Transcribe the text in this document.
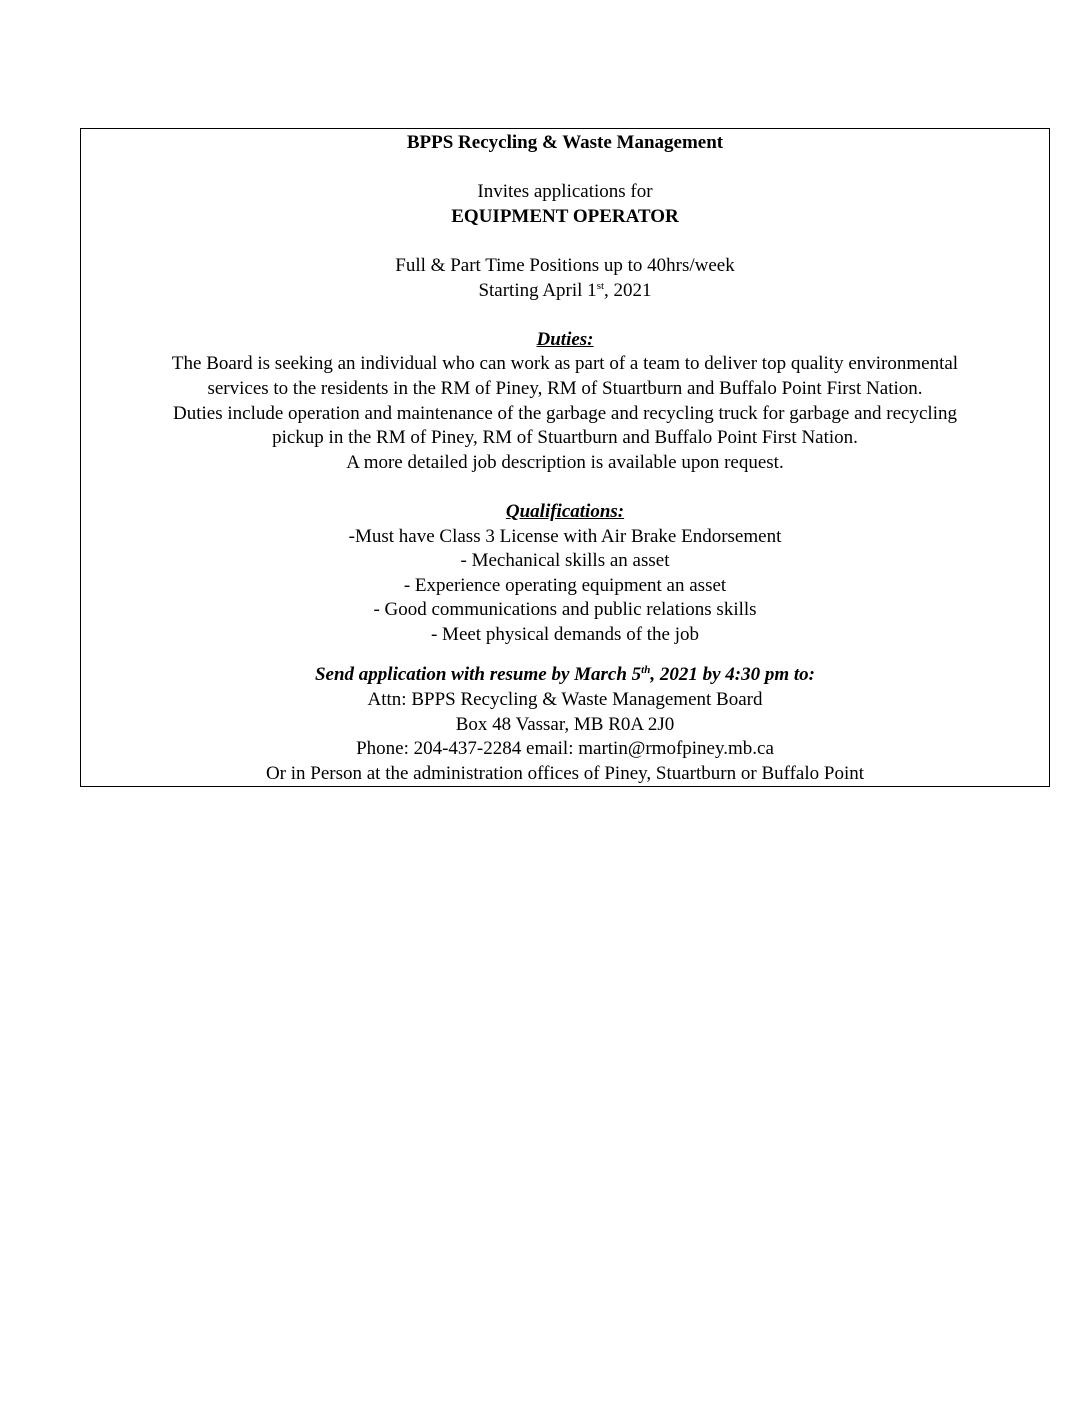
BPPS Recycling & Waste Management
Invites applications for
EQUIPMENT OPERATOR
Full & Part Time Positions up to 40hrs/week
Starting April 1st, 2021
Duties:
The Board is seeking an individual who can work as part of a team to deliver top quality environmental
services to the residents in the RM of Piney, RM of Stuartburn and Buffalo Point First Nation.
Duties include operation and maintenance of the garbage and recycling truck for garbage and recycling
pickup in the RM of Piney, RM of Stuartburn and Buffalo Point First Nation.
A more detailed job description is available upon request.
Qualifications:
-Must have Class 3 License with Air Brake Endorsement
- Mechanical skills an asset
- Experience operating equipment an asset
- Good communications and public relations skills
- Meet physical demands of the job
Send application with resume by March 5th, 2021 by 4:30 pm to:
Attn: BPPS Recycling & Waste Management Board
Box 48 Vassar, MB R0A 2J0
Phone: 204-437-2284 email: martin@rmofpiney.mb.ca
Or in Person at the administration offices of Piney, Stuartburn or Buffalo Point
